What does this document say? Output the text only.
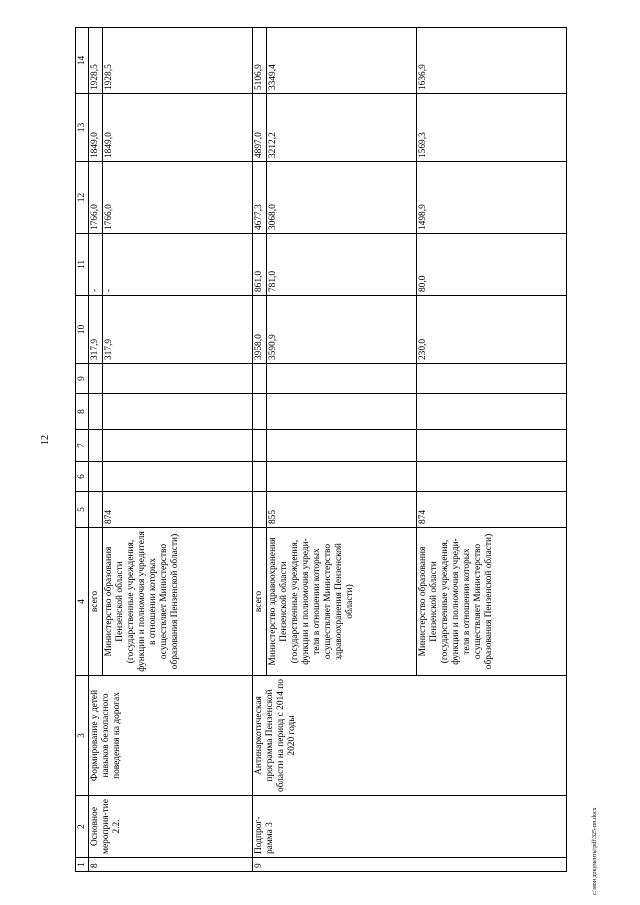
12
1	2	3	4	5	6	7	8	9	10	11	12	13	14
8	Основное мероприя-тие 2.2.	Формирование у детей навыков безопасного поведения на дорогах	всего						317,9	-	1766,0	1849,0	1928,5
			Министерство образования Пензенской области (государственные учреждения, функции и полномочия учредителя в отношении которых осуществляет Министерство образования Пензенской области)	874					317,9	-	1766,0	1849,0	1928,5
9	Подпрог-рамма 3	Антинаркотическая программа Пензенской области на период с 2014 по 2020 годы	всего						3958,0	861,0	4677,3	4897,0	5106,9
			Министерство здравоохранения Пензенской области (государственные учреждения, функции и полномочия учреди-теля в отношении которых осуществляет Министерство здравоохранения Пензенской области)	855					3590,9	781,0	3068,0	3212,2	3349,4
			Министерство образования Пензенской области (государственные учреждения, функции и полномочия учреди-теля в отношении которых осуществляет Министерство образования Пензенской области)	874					230,0	80,0	1498,9	1569,3	1636,9
c:\мои документы\pdf\325-пп.docx
